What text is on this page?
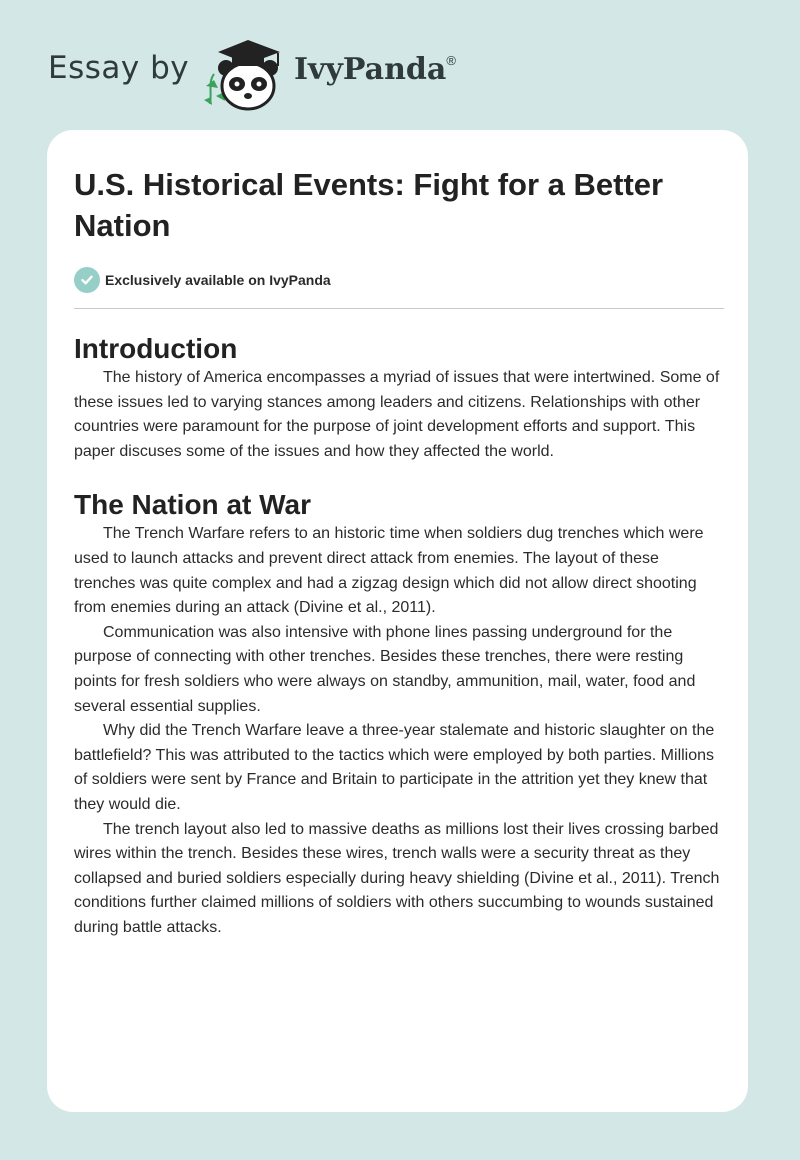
Essay by	IvyPanda®
U.S. Historical Events: Fight for a Better Nation
Exclusively available on IvyPanda
Introduction

The history of America encompasses a myriad of issues that were intertwined. Some of these issues led to varying stances among leaders and citizens. Relationships with other countries were paramount for the purpose of joint development efforts and support. This paper discuses some of the issues and how they affected the world.

The Nation at War

The Trench Warfare refers to an historic time when soldiers dug trenches which were used to launch attacks and prevent direct attack from enemies. The layout of these trenches was quite complex and had a zigzag design which did not allow direct shooting from enemies during an attack (Divine et al., 2011).

Communication was also intensive with phone lines passing underground for the purpose of connecting with other trenches. Besides these trenches, there were resting points for fresh soldiers who were always on standby, ammunition, mail, water, food and several essential supplies.

Why did the Trench Warfare leave a three-year stalemate and historic slaughter on the battlefield? This was attributed to the tactics which were employed by both parties. Millions of soldiers were sent by France and Britain to participate in the attrition yet they knew that they would die.

The trench layout also led to massive deaths as millions lost their lives crossing barbed wires within the trench. Besides these wires, trench walls were a security threat as they collapsed and buried soldiers especially during heavy shielding (Divine et al., 2011). Trench conditions further claimed millions of soldiers with others succumbing to wounds sustained during battle attacks.
